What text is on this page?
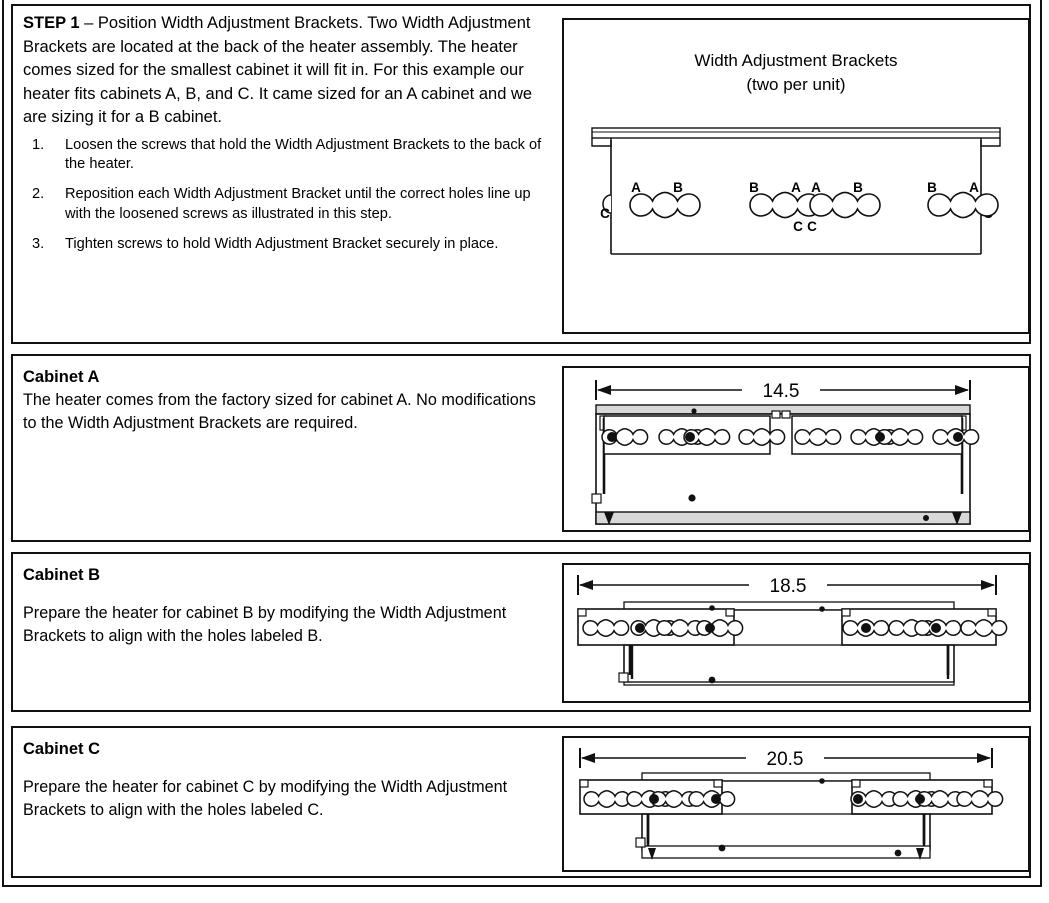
STEP 1 – Position Width Adjustment Brackets. Two Width Adjustment Brackets are located at the back of the heater assembly. The heater comes sized for the smallest cabinet it will fit in. For this example our heater fits cabinets A, B, and C. It came sized for an A cabinet and we are sizing it for a B cabinet.

1. Loosen the screws that hold the Width Adjustment Brackets to the back of the heater.
2. Reposition each Width Adjustment Bracket until the correct holes line up with the loosened screws as illustrated in this step.
3. Tighten screws to hold Width Adjustment Bracket securely in place.
Width Adjustment Brackets
(two per unit)
C
A B	B A
C
A B
C
B A

Cabinet A

The heater comes from the factory sized for cabinet A. No modifications to the Width Adjustment Brackets are required.

14.5

Cabinet B

Prepare the heater for cabinet B by modifying the Width Adjustment Brackets to align with the holes labeled B.

18.5

Cabinet C

Prepare the heater for cabinet C by modifying the Width Adjustment Brackets to align with the holes labeled C.

20.5
